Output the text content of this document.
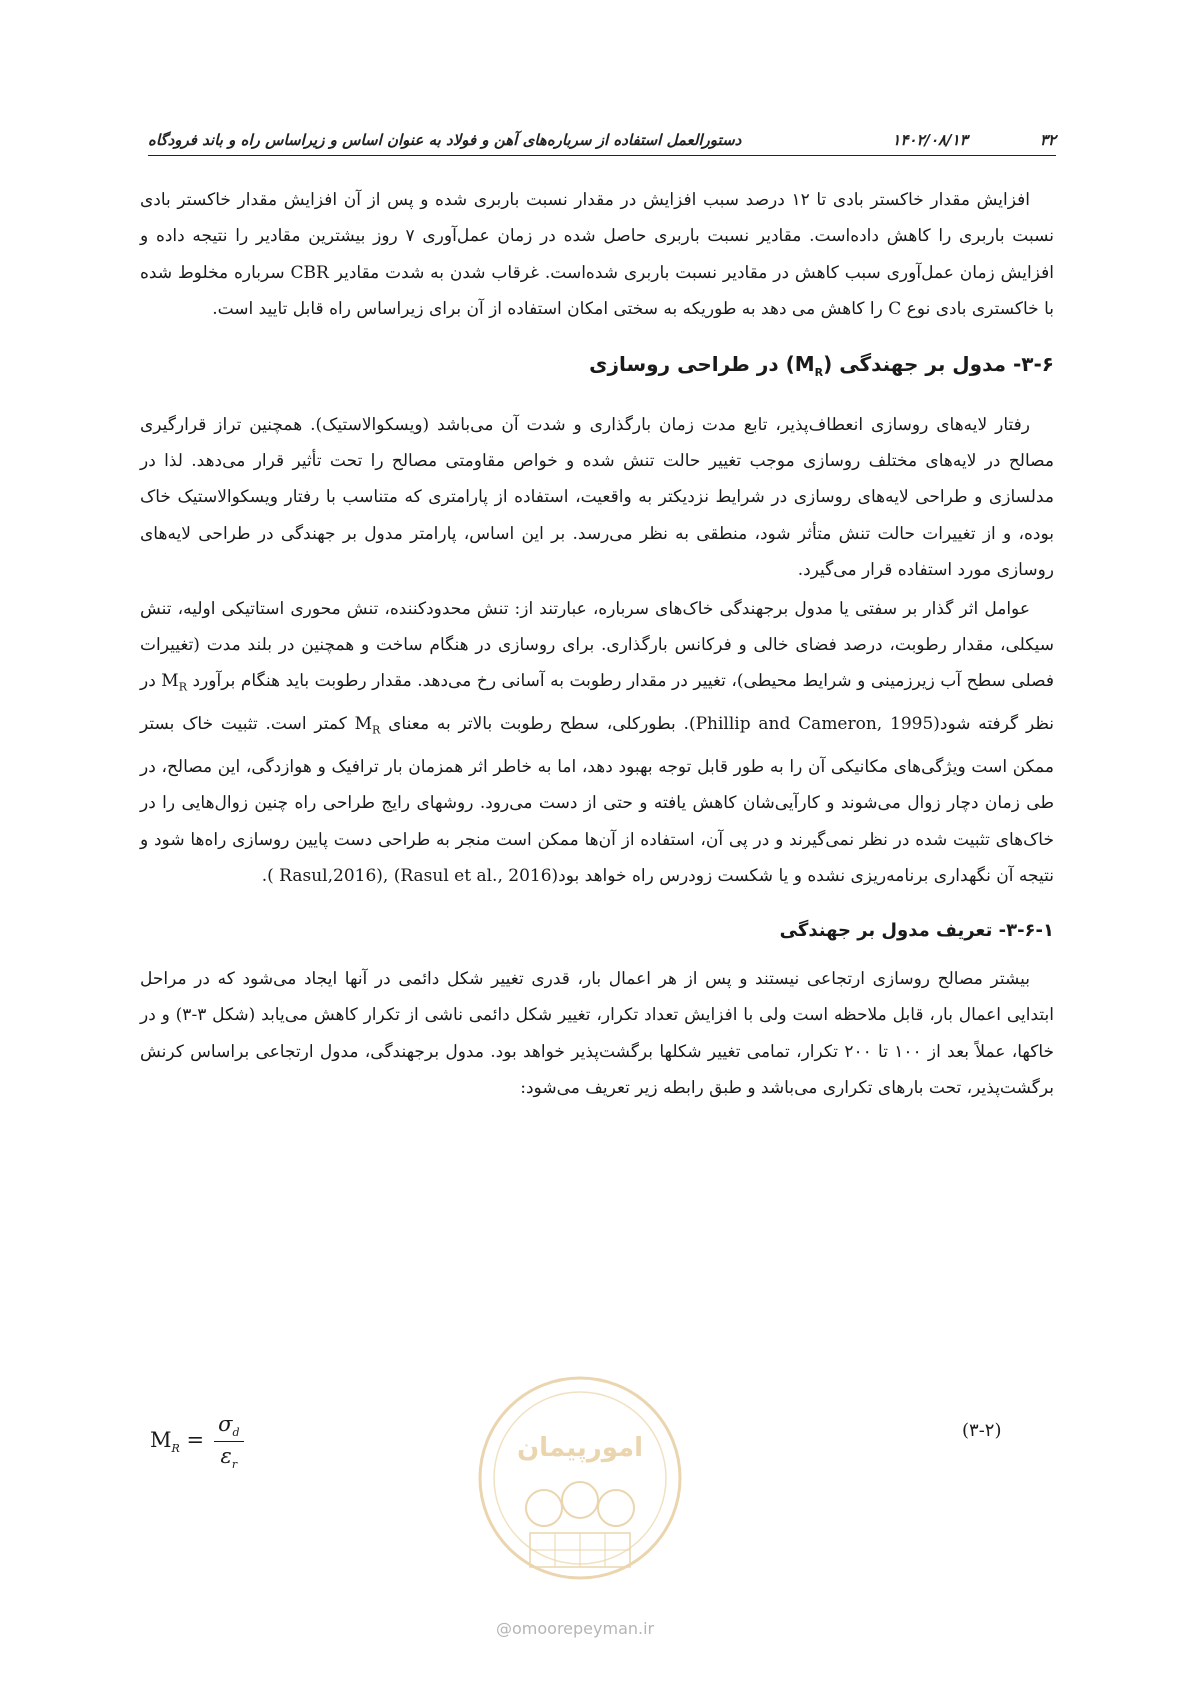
۳۲
۱۴۰۲/۰۸/۱۳
دستورالعمل استفاده از سرباره‌های آهن و فولاد به عنوان اساس و زیراساس راه و باند فرودگاه

افزایش مقدار خاکستر بادی تا ۱۲ درصد سبب افزایش در مقدار نسبت باربری شده و پس از آن افزایش مقدار خاکستر بادی نسبت باربری را کاهش داده‌است. مقادیر نسبت باربری حاصل شده در زمان عمل‌آوری ۷ روز بیشترین مقادیر را نتیجه داده و افزایش زمان عمل‌آوری سبب کاهش در مقادیر نسبت باربری شده‌است. غرقاب شدن به شدت مقادیر CBR سرباره مخلوط شده با خاکستری بادی نوع C را کاهش می دهد به طوریکه به سختی امکان استفاده از آن برای زیراساس راه قابل تایید است.

۳-۶- مدول بر جهندگی $(M_R)$ در طراحی روسازی

رفتار لایه‌های روسازی انعطاف‌پذیر، تابع مدت زمان بارگذاری و شدت آن می‌باشد (ویسکوالاستیک). همچنین تراز قرارگیری مصالح در لایه‌های مختلف روسازی موجب تغییر حالت تنش شده و خواص مقاومتی مصالح را تحت تأثیر قرار می‌دهد. لذا در مدلسازی و طراحی لایه‌های روسازی در شرایط نزدیکتر به واقعیت، استفاده از پارامتری که متناسب با رفتار ویسکوالاستیک خاک بوده، و از تغییرات حالت تنش متأثر شود، منطقی به نظر می‌رسد. بر این اساس، پارامتر مدول بر جهندگی در طراحی لایه‌های روسازی مورد استفاده قرار می‌گیرد.

عوامل اثر گذار بر سفتی یا مدول برجهندگی خاک‌های سرباره، عبارتند از: تنش محدودکننده، تنش محوری استاتیکی اولیه، تنش سیکلی، مقدار رطوبت، درصد فضای خالی و فرکانس بارگذاری. برای روسازی در هنگام ساخت و همچنین در بلند مدت (تغییرات فصلی سطح آب زیرزمینی و شرایط محیطی)، تغییر در مقدار رطوبت به آسانی رخ می‌دهد. مقدار رطوبت باید هنگام برآورد $M_R$ در نظر گرفته شود(Phillip and Cameron, 1995). بطورکلی، سطح رطوبت بالاتر به معنای $M_R$ کمتر است. تثبیت خاک بستر ممکن است ویژگی‌های مکانیکی آن را به طور قابل توجه بهبود دهد، اما به خاطر اثر همزمان بار ترافیک و هوازدگی، این مصالح، در طی زمان دچار زوال می‌شوند و کارآیی‌شان کاهش یافته و حتی از دست می‌رود. روشهای رایج طراحی راه چنین زوال‌هایی را در خاک‌های تثبیت شده در نظر نمی‌گیرند و در پی آن، استفاده از آن‌ها ممکن است منجر به طراحی دست پایین روسازی راه‌ها شود و نتیجه آن نگهداری برنامه‌ریزی نشده و یا شکست زودرس راه خواهد بود(Rasul,2016), (Rasul et al., 2016 ).

۳-۶-۱- تعریف مدول بر جهندگی

بیشتر مصالح روسازی ارتجاعی نیستند و پس از هر اعمال بار، قدری تغییر شکل دائمی در آنها ایجاد می‌شود که در مراحل ابتدایی اعمال بار، قابل ملاحظه است ولی با افزایش تعداد تکرار، تغییر شکل دائمی ناشی از تکرار کاهش می‌یابد (شکل ۳-۳) و در خاکها، عملاً بعد از ۱۰۰ تا ۲۰۰ تکرار، تمامی تغییر شکلها برگشت‌پذیر خواهد بود. مدول برجهندگی، مدول ارتجاعی براساس کرنش برگشت‌پذیر، تحت بارهای تکراری می‌باشد و طبق رابطه زیر تعریف می‌شود:

امورپیمان
@omoorepeyman.ir
$M_R = \frac{\sigma_d}{\varepsilon_r}$	(۳-۲)
